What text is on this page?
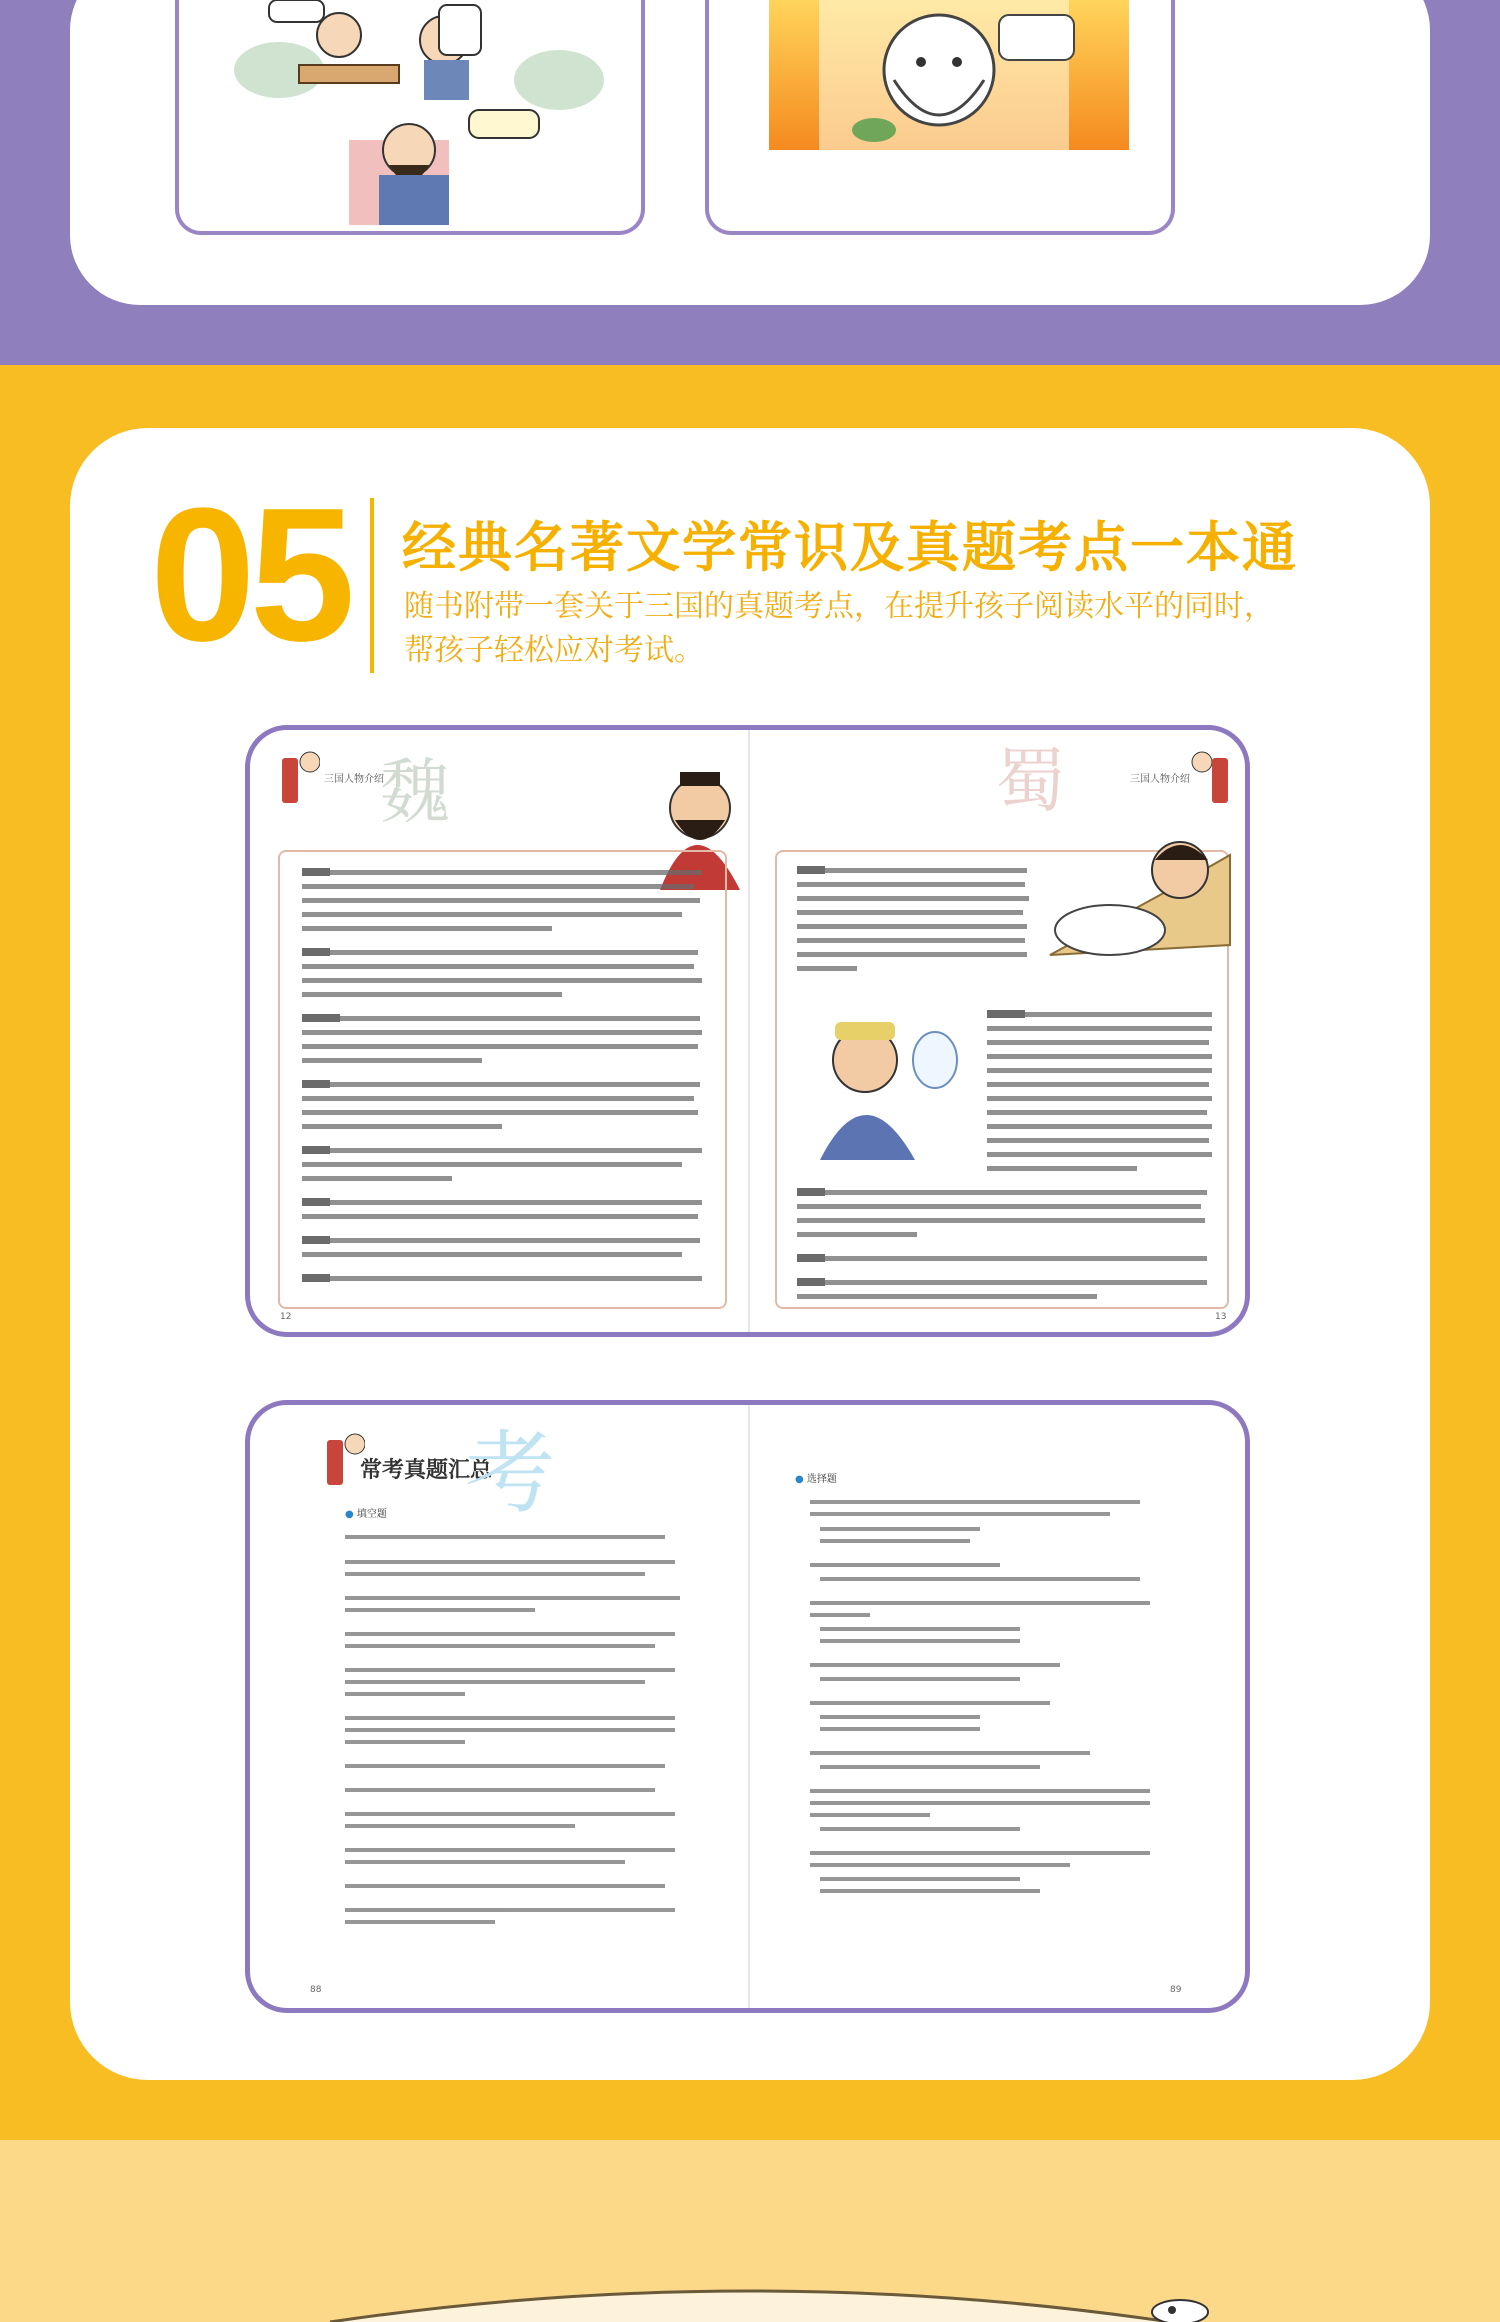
05 经典名著文学常识及真题考点一本通
随书附带一套关于三国的真题考点，在提升孩子阅读水平的同时，
帮孩子轻松应对考试。
三国人物介绍
魏
12
蜀	三国人物介绍
13
常考真题汇总
考
● 填空题
88
● 选择题
89
